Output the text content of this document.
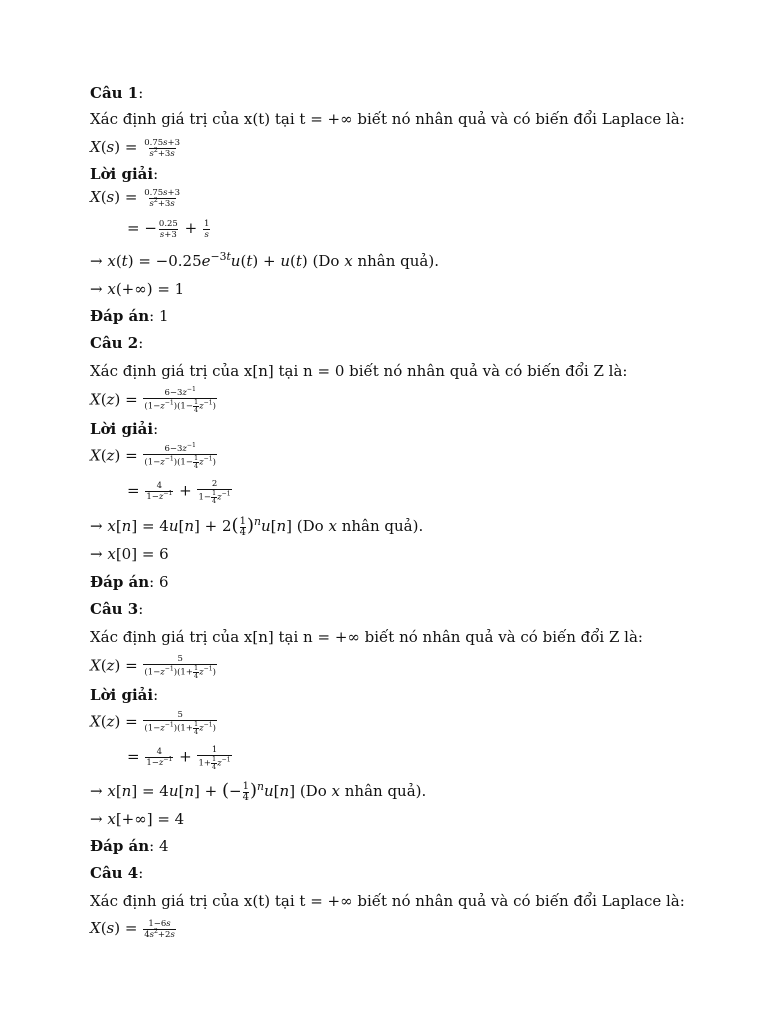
Câu 1:
Xác định giá trị của x(t) tại t = +∞ biết nó nhân quả và có biến đổi Laplace là:
$X(s) = \frac{0.75s+3}{s^2+3s}$
Lời giải:
$X(s) = \frac{0.75s+3}{s^2+3s}$
= − $\frac{0.25}{s+3} + \frac{1}{s}$
→ $x(t) = -0.25e^{-3t}u(t) + u(t)$ (Do x nhân quả).
→ x(+∞) = 1
Đáp án: 1
Câu 2:
Xác định giá trị của x[n] tại n = 0 biết nó nhân quả và có biến đổi Z là:
$X(z) = \frac{6-3z^{-1}}{(1-z^{-1})(1- \frac{1}{4} z^{-1})}$
Lời giải:
$X(z) = \frac{6-3z^{-1}}{(1-z^{-1})(1- \frac{1}{4} z^{-1})}$
= $\frac{4}{1-z^{-1}} + \frac{2}{1- \frac{1}{4} z^{-1}}$
→ $x[n] = 4u[n] + 2( \frac{1}{4} )^nu[n]$ (Do x nhân quả).
→ x[0] = 6
Đáp án: 6
Câu 3:
Xác định giá trị của x[n] tại n = +∞ biết nó nhân quả và có biến đổi Z là:
$X(z) = \frac{5}{(1-z^{-1})(1+ \frac{1}{4} z^{-1})}$
Lời giải:
$X(z) = \frac{5}{(1-z^{-1})(1+ \frac{1}{4} z^{-1})}$
= $\frac{4}{1-z^{-1}} + \frac{1}{1+ \frac{1}{4} z^{-1}}$
→ x[n] = 4u[n] + (− $\frac{1}{4} )^nu[n]$ (Do x nhân quả).
→ x[+∞] = 4
Đáp án: 4
Câu 4:
Xác định giá trị của x(t) tại t = +∞ biết nó nhân quả và có biến đổi Laplace là:
$X(s) = \frac{1-6s}{4s^2+2s}$
